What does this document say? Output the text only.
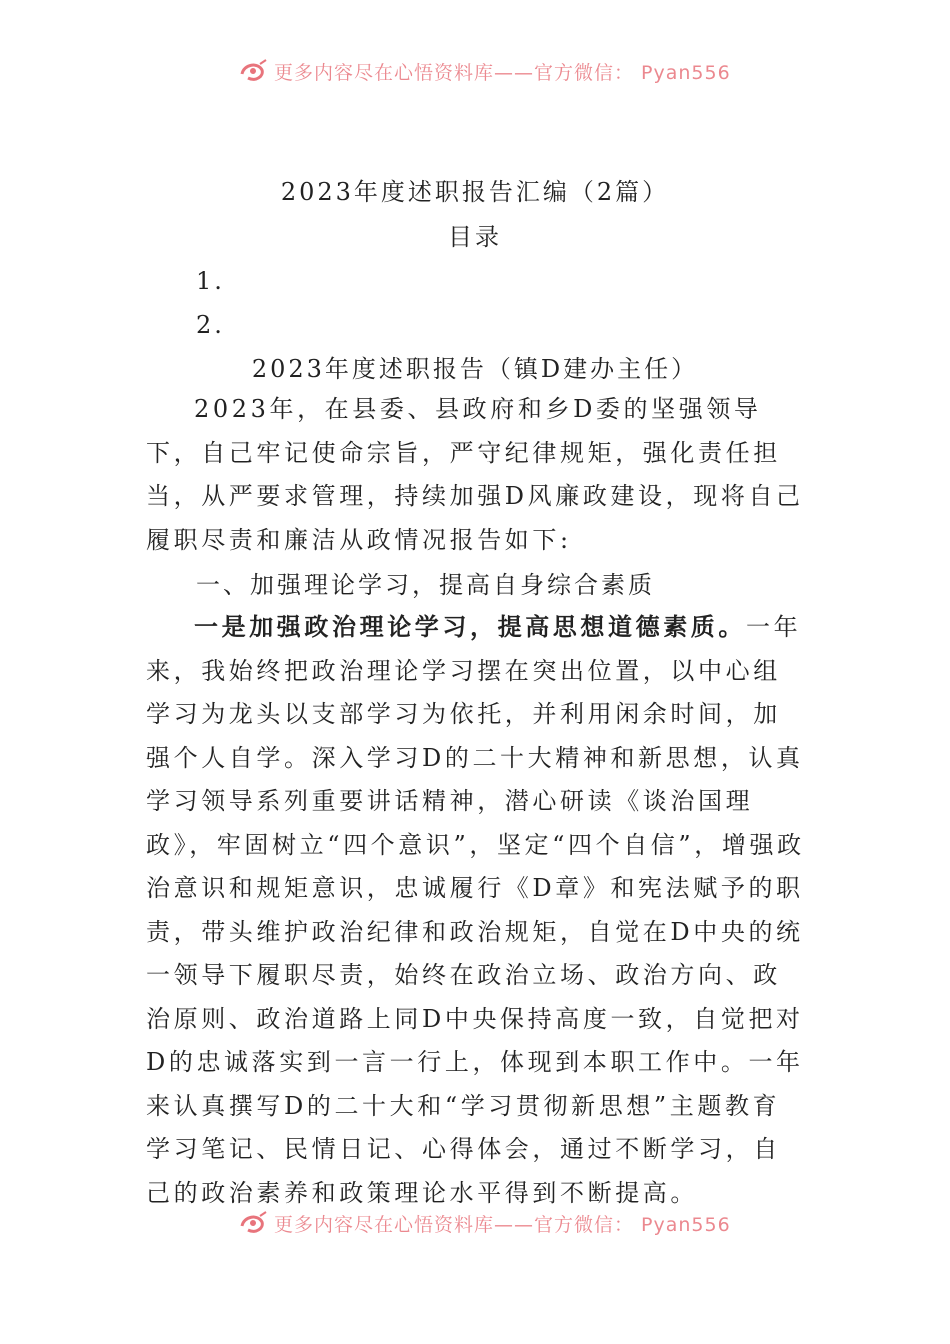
更多内容尽在心悟资料库——官方微信： Pyan556
2023年度述职报告汇编（2篇）
目录
1.
2.
2023年度述职报告（镇D建办主任）

2023年，在县委、县政府和乡D委的坚强领导下，自己牢记使命宗旨，严守纪律规矩，强化责任担当，从严要求管理，持续加强D风廉政建设，现将自己履职尽责和廉洁从政情况报告如下:

一、加强理论学习，提高自身综合素质

一是加强政治理论学习，提高思想道德素质。一年来，我始终把政治理论学习摆在突出位置，以中心组学习为龙头以支部学习为依托，并利用闲余时间，加强个人自学。深入学习D的二十大精神和新思想，认真学习领导系列重要讲话精神，潜心研读《谈治国理政》，牢固树立“四个意识”，坚定“四个自信”，增强政治意识和规矩意识，忠诚履行《D章》和宪法赋予的职责，带头维护政治纪律和政治规矩，自觉在D中央的统一领导下履职尽责，始终在政治立场、政治方向、政治原则、政治道路上同D中央保持高度一致，自觉把对D的忠诚落实到一言一行上，体现到本职工作中。一年来认真撰写D的二十大和“学习贯彻新思想”主题教育学习笔记、民情日记、心得体会，通过不断学习，自己的政治素养和政策理论水平得到不断提高。

更多内容尽在心悟资料库——官方微信： Pyan556
